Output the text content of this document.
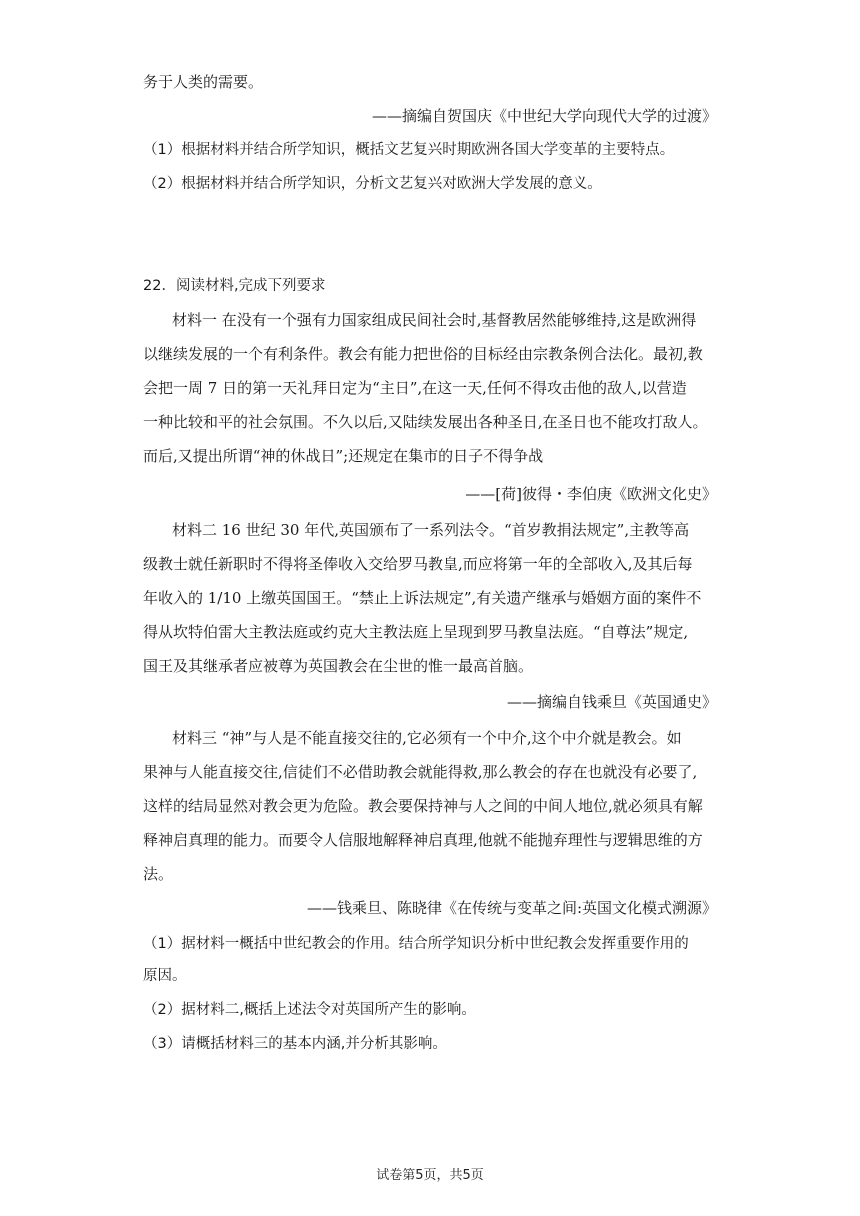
务于人类的需要。
——摘编自贺国庆《中世纪大学向现代大学的过渡》
（1）根据材料并结合所学知识，概括文艺复兴时期欧洲各国大学变革的主要特点。
（2）根据材料并结合所学知识，分析文艺复兴对欧洲大学发展的意义。
22．阅读材料,完成下列要求
材料一 在没有一个强有力国家组成民间社会时,基督教居然能够维持,这是欧洲得
以继续发展的一个有利条件。教会有能力把世俗的目标经由宗教条例合法化。最初,教
会把一周 7 日的第一天礼拜日定为“主日”,在这一天,任何不得攻击他的敌人,以营造
一种比较和平的社会氛围。不久以后,又陆续发展出各种圣日,在圣日也不能攻打敌人。
而后,又提出所谓“神的休战日”;还规定在集市的日子不得争战
——[荷]彼得・李伯庚《欧洲文化史》
材料二 16 世纪 30 年代,英国颁布了一系列法令。“首岁教捐法规定”,主教等高
级教士就任新职时不得将圣俸收入交给罗马教皇,而应将第一年的全部收入,及其后每
年收入的 1/10 上缴英国国王。“禁止上诉法规定”,有关遗产继承与婚姻方面的案件不
得从坎特伯雷大主教法庭或约克大主教法庭上呈现到罗马教皇法庭。“自尊法”规定,
国王及其继承者应被尊为英国教会在尘世的惟一最高首脑。
——摘编自钱乘旦《英国通史》
材料三 “神”与人是不能直接交往的,它必须有一个中介,这个中介就是教会。如
果神与人能直接交往,信徒们不必借助教会就能得救,那么教会的存在也就没有必要了,
这样的结局显然对教会更为危险。教会要保持神与人之间的中间人地位,就必须具有解
释神启真理的能力。而要令人信服地解释神启真理,他就不能抛弃理性与逻辑思维的方
法。
——钱乘旦、陈晓律《在传统与变革之间:英国文化模式溯源》
（1）据材料一概括中世纪教会的作用。结合所学知识分析中世纪教会发挥重要作用的
原因。
（2）据材料二,概括上述法令对英国所产生的影响。
（3）请概括材料三的基本内涵,并分析其影响。
试卷第5页，共5页
